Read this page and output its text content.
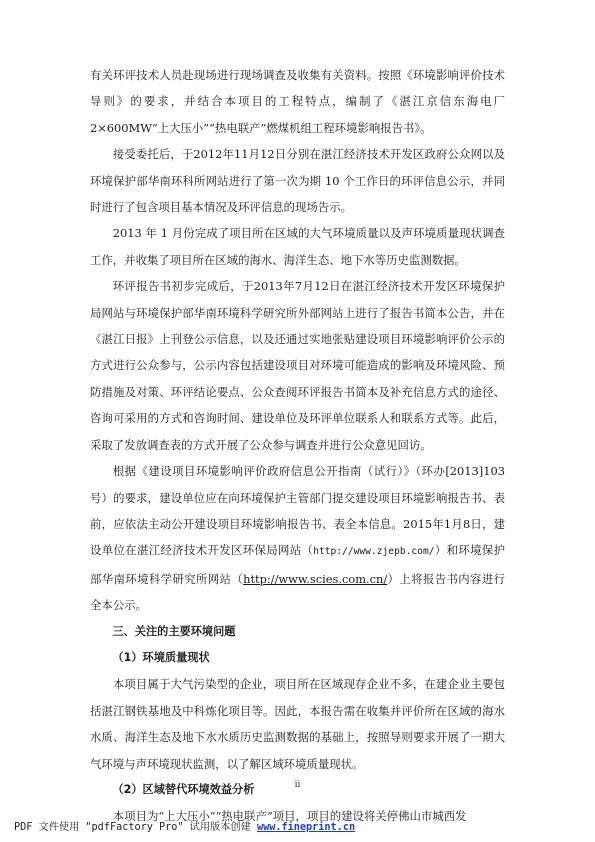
有关环评技术人员赴现场进行现场调查及收集有关资料。按照《环境影响评价技术导则》的要求，并结合本项目的工程特点，编制了《湛江京信东海电厂2×600MW“上大压小”“热电联产”燃煤机组工程环境影响报告书》。

接受委托后，于2012年11月12日分别在湛江经济技术开发区政府公众网以及环境保护部华南环科所网站进行了第一次为期 10 个工作日的环评信息公示，并同时进行了包含项目基本情况及环评信息的现场告示。

2013 年 1 月份完成了项目所在区域的大气环境质量以及声环境质量现状调查工作，并收集了项目所在区域的海水、海洋生态、地下水等历史监测数据。

环评报告书初步完成后，于2013年7月12日在湛江经济技术开发区环境保护局网站与环境保护部华南环境科学研究所外部网站上进行了报告书简本公告，并在《湛江日报》上刊登公示信息，以及还通过实地张贴建设项目环境影响评价公示的方式进行公众参与，公示内容包括建设项目对环境可能造成的影响及环境风险、预防措施及对策、环评结论要点、公众查阅环评报告书简本及补充信息方式的途径、咨询可采用的方式和咨询时间、建设单位及环评单位联系人和联系方式等。此后，采取了发放调查表的方式开展了公众参与调查并进行公众意见回访。

根据《建设项目环境影响评价政府信息公开指南（试行）》（环办[2013]103号）的要求，建设单位应在向环境保护主管部门提交建设项目环境影响报告书、表前，应依法主动公开建设项目环境影响报告书、表全本信息。2015年1月8日，建设单位在湛江经济技术开发区环保局网站（http://www.zjepb.com/）和环境保护部华南环境科学研究所网站（http://www.scies.com.cn/）上将报告书内容进行全本公示。

三、关注的主要环境问题

（1）环境质量现状

本项目属于大气污染型的企业，项目所在区域现存企业不多，在建企业主要包括湛江钢铁基地及中科炼化项目等。因此，本报告需在收集并评价所在区域的海水水质、海洋生态及地下水水质历史监测数据的基础上，按照导则要求开展了一期大气环境与声环境现状监测，以了解区域环境质量现状。

（2）区域替代环境效益分析

本项目为“上大压小”“热电联产”项目，项目的建设将关停佛山市城西发

ii
PDF 文件使用 "pdfFactory Pro" 试用版本创建 www.fineprint.cn
